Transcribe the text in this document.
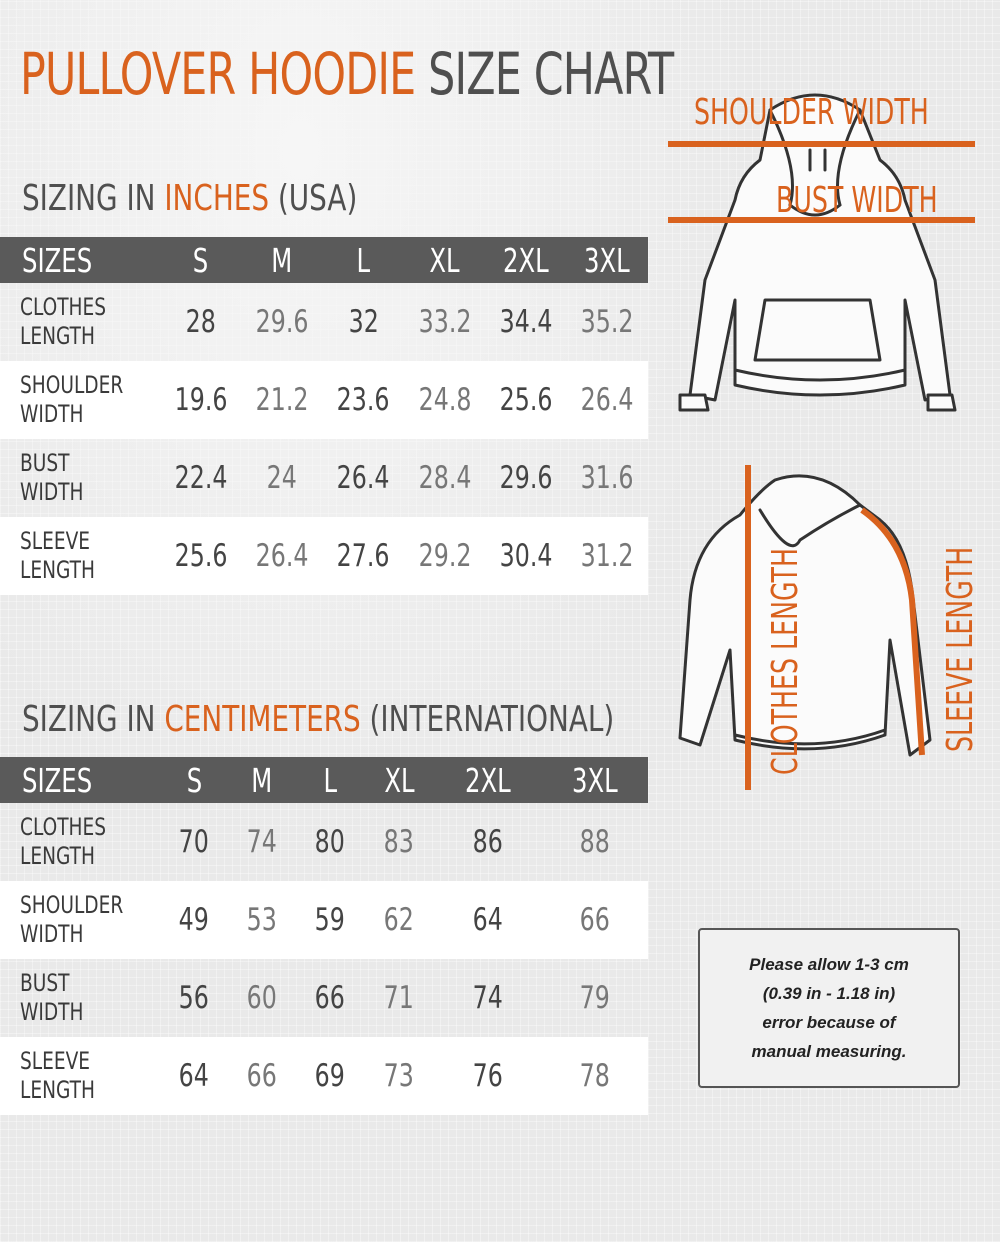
PULLOVER HOODIE SIZE CHART
SIZING IN INCHES (USA)
SIZES	S	M	L	XL	2XL	3XL
CLOTHES
LENGTH	28	29.6	32	33.2	34.4	35.2
SHOULDER
WIDTH	19.6	21.2	23.6	24.8	25.6	26.4
BUST
WIDTH	22.4	24	26.4	28.4	29.6	31.6
SLEEVE
LENGTH	25.6	26.4	27.6	29.2	30.4	31.2
SIZING IN CENTIMETERS (INTERNATIONAL)
SIZES	S	M	L	XL	2XL	3XL
CLOTHES
LENGTH	70	74	80	83	86	88
SHOULDER
WIDTH	49	53	59	62	64	66
BUST
WIDTH	56	60	66	71	74	79
SLEEVE
LENGTH	64	66	69	73	76	78
SHOULDER WIDTH
BUST WIDTH
CLOTHES LENGTH	SLEEVE LENGTH

Please allow 1-3 cm
(0.39 in - 1.18 in)
error because of
manual measuring.
